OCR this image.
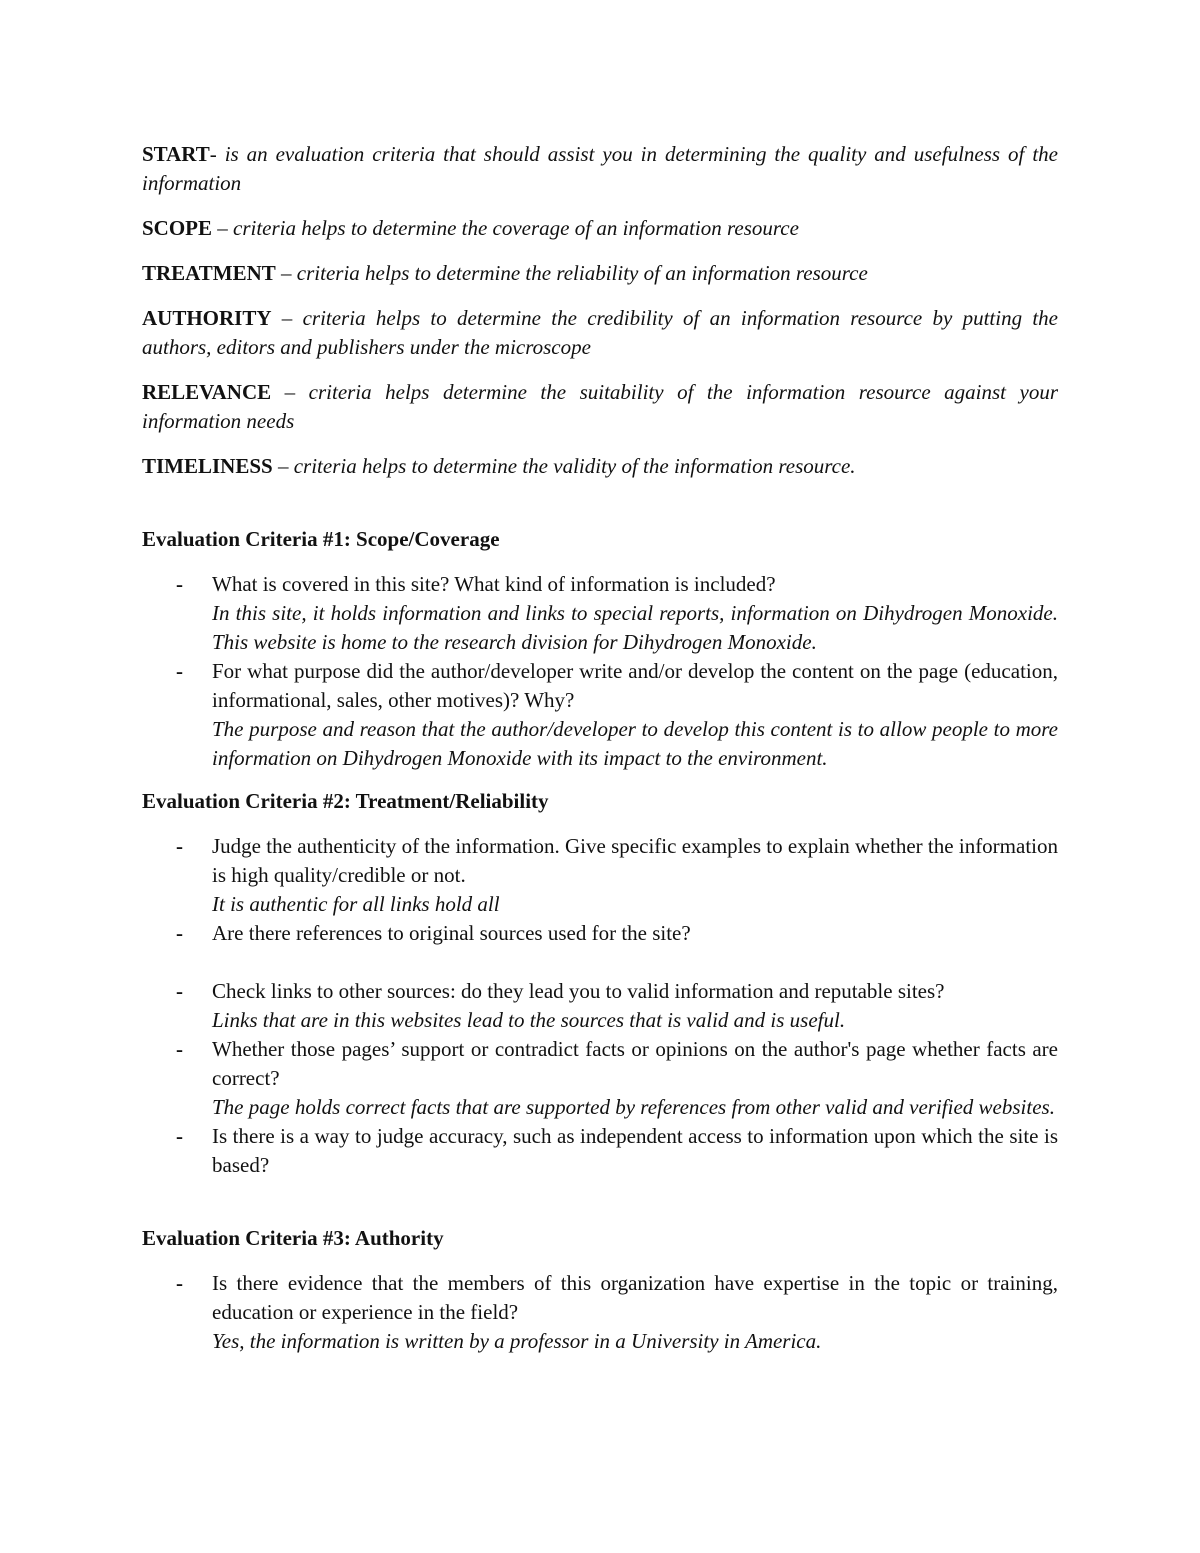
START- is an evaluation criteria that should assist you in determining the quality and usefulness of the information

SCOPE – criteria helps to determine the coverage of an information resource

TREATMENT – criteria helps to determine the reliability of an information resource

AUTHORITY – criteria helps to determine the credibility of an information resource by putting the authors, editors and publishers under the microscope

RELEVANCE – criteria helps determine the suitability of the information resource against your information needs

TIMELINESS – criteria helps to determine the validity of the information resource.

Evaluation Criteria #1: Scope/Coverage
- What is covered in this site? What kind of information is included?
In this site, it holds information and links to special reports, information on Dihydrogen Monoxide. This website is home to the research division for Dihydrogen Monoxide.
- For what purpose did the author/developer write and/or develop the content on the page (education, informational, sales, other motives)? Why?
The purpose and reason that the author/developer to develop this content is to allow people to more information on Dihydrogen Monoxide with its impact to the environment.
Evaluation Criteria #2: Treatment/Reliability
- Judge the authenticity of the information. Give specific examples to explain whether the information is high quality/credible or not.
It is authentic for all links hold all
- Are there references to original sources used for the site?
- Check links to other sources: do they lead you to valid information and reputable sites?
Links that are in this websites lead to the sources that is valid and is useful.
- Whether those pages’ support or contradict facts or opinions on the author's page whether facts are correct?
The page holds correct facts that are supported by references from other valid and verified websites.
- Is there is a way to judge accuracy, such as independent access to information upon which the site is based?
Evaluation Criteria #3: Authority
- Is there evidence that the members of this organization have expertise in the topic or training, education or experience in the field?
Yes, the information is written by a professor in a University in America.
